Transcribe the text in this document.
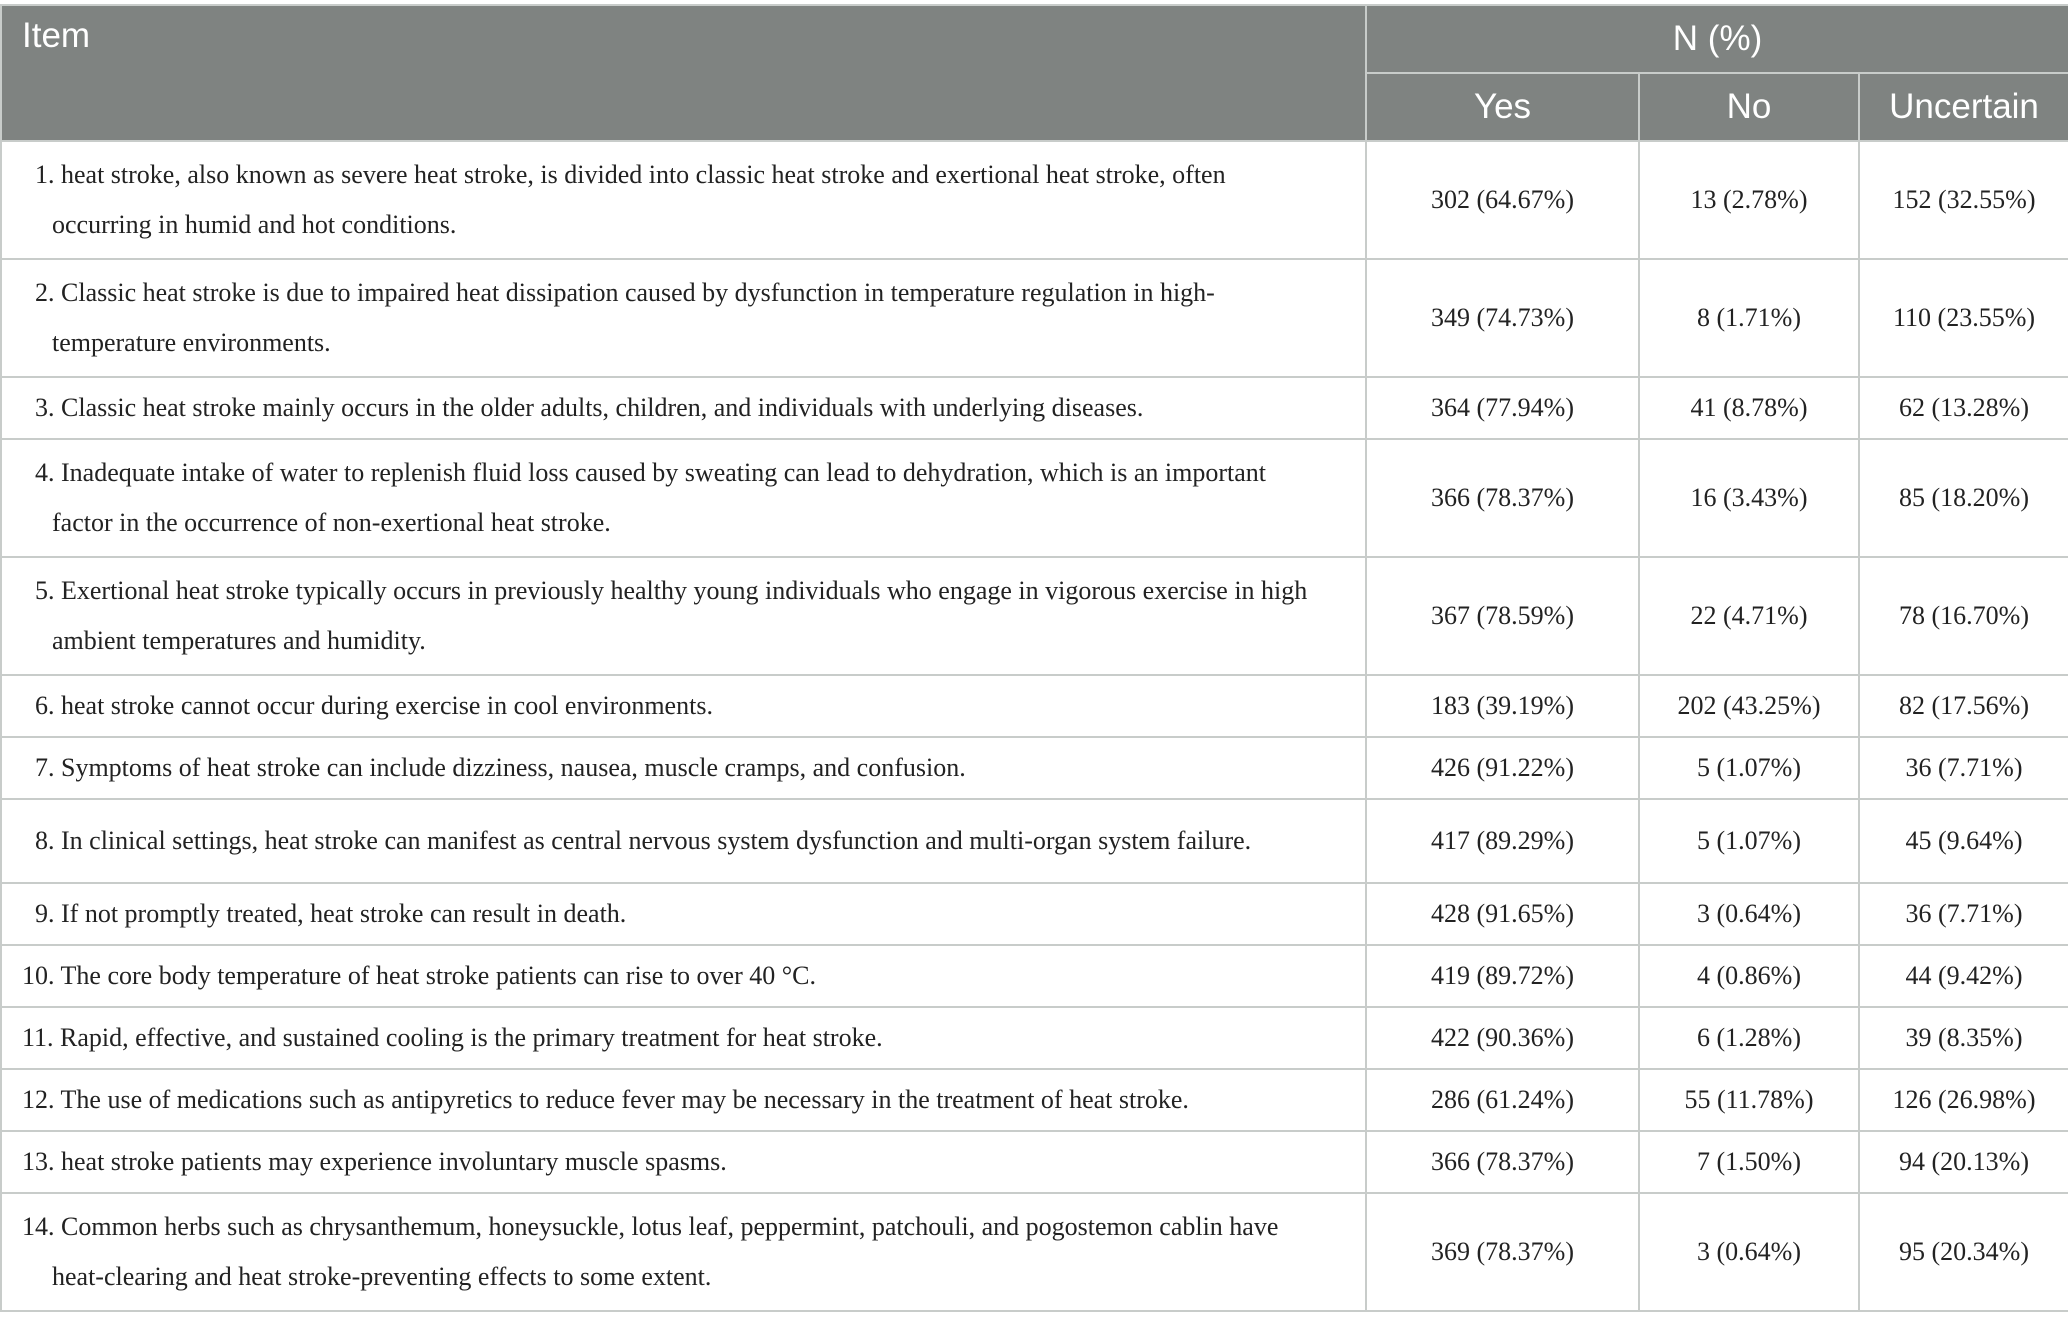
Item	N (%)		
	Yes	No	Uncertain
1. heat stroke, also known as severe heat stroke, is divided into classic heat stroke and exertional heat stroke, often occurring in humid and hot conditions.	302 (64.67%)	13 (2.78%)	152 (32.55%)
2. Classic heat stroke is due to impaired heat dissipation caused by dysfunction in temperature regulation in high-temperature environments.	349 (74.73%)	8 (1.71%)	110 (23.55%)
3. Classic heat stroke mainly occurs in the older adults, children, and individuals with underlying diseases.	364 (77.94%)	41 (8.78%)	62 (13.28%)
4. Inadequate intake of water to replenish fluid loss caused by sweating can lead to dehydration, which is an important factor in the occurrence of non-exertional heat stroke.	366 (78.37%)	16 (3.43%)	85 (18.20%)
5. Exertional heat stroke typically occurs in previously healthy young individuals who engage in vigorous exercise in high ambient temperatures and humidity.	367 (78.59%)	22 (4.71%)	78 (16.70%)
6. heat stroke cannot occur during exercise in cool environments.	183 (39.19%)	202 (43.25%)	82 (17.56%)
7. Symptoms of heat stroke can include dizziness, nausea, muscle cramps, and confusion.	426 (91.22%)	5 (1.07%)	36 (7.71%)
8. In clinical settings, heat stroke can manifest as central nervous system dysfunction and multi-organ system failure.	417 (89.29%)	5 (1.07%)	45 (9.64%)
9. If not promptly treated, heat stroke can result in death.	428 (91.65%)	3 (0.64%)	36 (7.71%)
10. The core body temperature of heat stroke patients can rise to over 40 °C.	419 (89.72%)	4 (0.86%)	44 (9.42%)
11. Rapid, effective, and sustained cooling is the primary treatment for heat stroke.	422 (90.36%)	6 (1.28%)	39 (8.35%)
12. The use of medications such as antipyretics to reduce fever may be necessary in the treatment of heat stroke.	286 (61.24%)	55 (11.78%)	126 (26.98%)
13. heat stroke patients may experience involuntary muscle spasms.	366 (78.37%)	7 (1.50%)	94 (20.13%)
14. Common herbs such as chrysanthemum, honeysuckle, lotus leaf, peppermint, patchouli, and pogostemon cablin have heat-clearing and heat stroke-preventing effects to some extent.	369 (78.37%)	3 (0.64%)	95 (20.34%)
